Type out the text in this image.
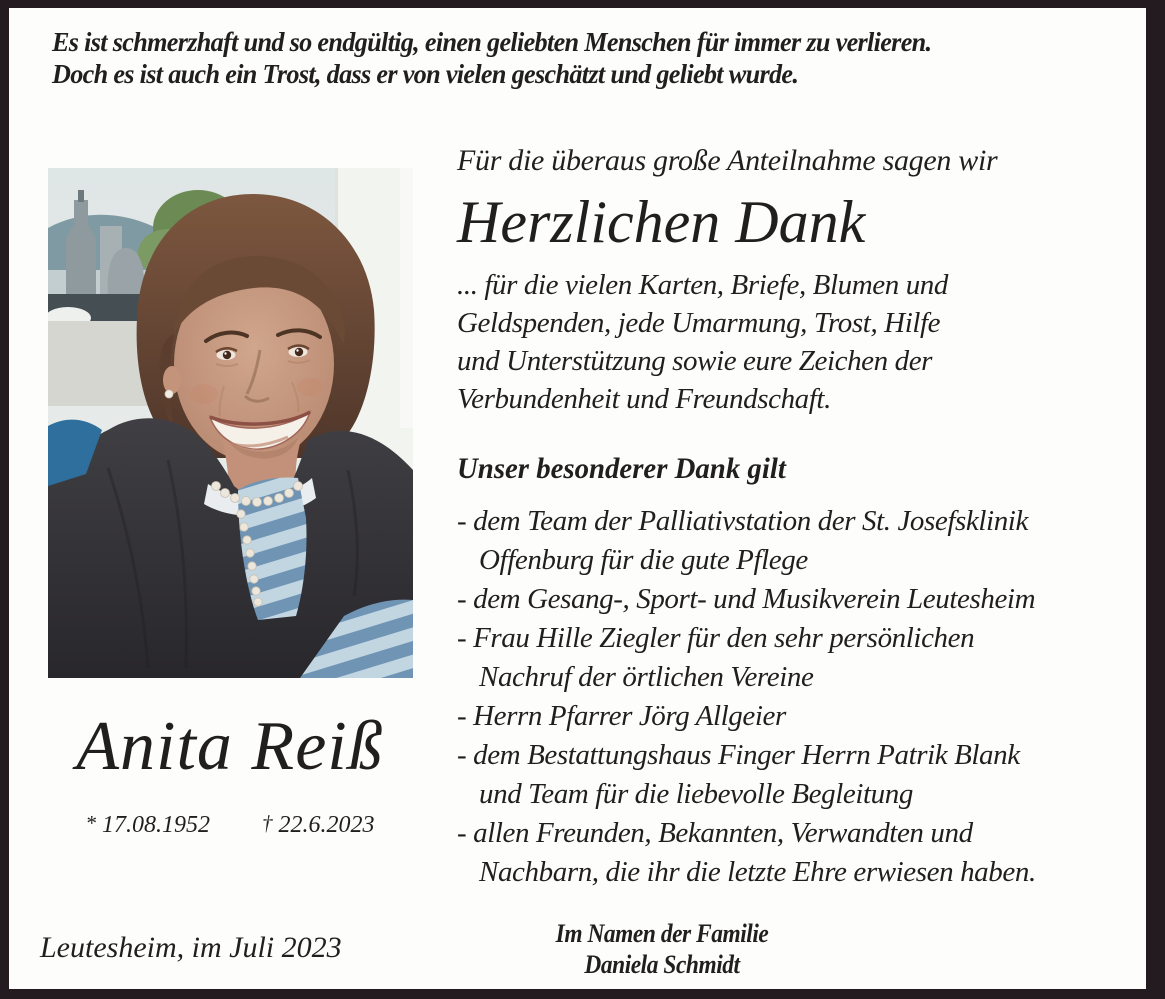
Es ist schmerzhaft und so endgültig, einen geliebten Menschen für immer zu verlieren.
Doch es ist auch ein Trost, dass er von vielen geschätzt und geliebt wurde.
Anita Reiß
* 17.08.1952 † 22.6.2023
Leutesheim, im Juli 2023
Für die überaus große Anteilnahme sagen wir
Herzlichen Dank
... für die vielen Karten, Briefe, Blumen und
Geldspenden, jede Umarmung, Trost, Hilfe
und Unterstützung sowie eure Zeichen der
Verbundenheit und Freundschaft.
Unser besonderer Dank gilt
- dem Team der Palliativstation der St. Josefsklinik
Offenburg für die gute Pflege
- dem Gesang-, Sport- und Musikverein Leutesheim
- Frau Hille Ziegler für den sehr persönlichen
Nachruf der örtlichen Vereine
- Herrn Pfarrer Jörg Allgeier
- dem Bestattungshaus Finger Herrn Patrik Blank
und Team für die liebevolle Begleitung
- allen Freunden, Bekannten, Verwandten und
Nachbarn, die ihr die letzte Ehre erwiesen haben.
Im Namen der Familie
Daniela Schmidt
